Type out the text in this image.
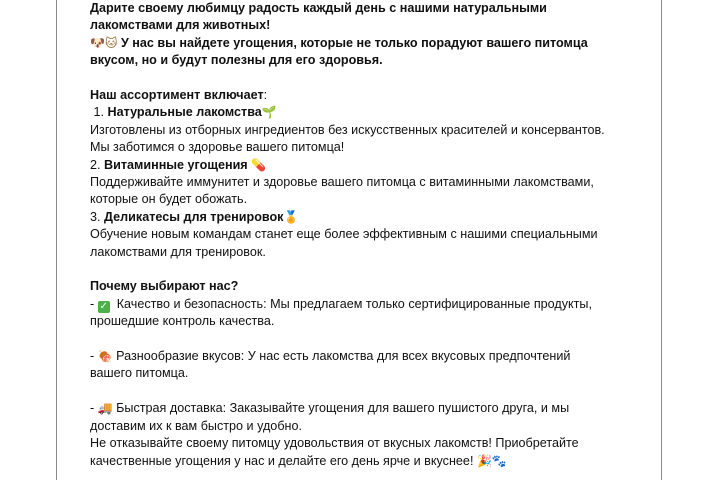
Дарите своему любимцу радость каждый день с нашими натуральными
лакомствами для животных!
🐶🐱 У нас вы найдете угощения, которые не только порадуют вашего питомца
вкусом, но и будут полезны для его здоровья.
Наш ассортимент включает:
1. Натуральные лакомства🌱
Изготовлены из отборных ингредиентов без искусственных красителей и консервантов.
Мы заботимся о здоровье вашего питомца!
2. Витаминные угощения 💊
Поддерживайте иммунитет и здоровье вашего питомца с витаминными лакомствами,
которые он будет обожать.
3. Деликатесы для тренировок🏅
Обучение новым командам станет еще более эффективным с нашими специальными
лакомствами для тренировок.
Почему выбирают нас?
- ✓ Качество и безопасность: Мы предлагаем только сертифицированные продукты,
прошедшие контроль качества.
- 🍖 Разнообразие вкусов: У нас есть лакомства для всех вкусовых предпочтений
вашего питомца.
- 🚚 Быстрая доставка: Заказывайте угощения для вашего пушистого друга, и мы
доставим их к вам быстро и удобно.
Не отказывайте своему питомцу удовольствия от вкусных лакомств! Приобретайте
качественные угощения у нас и делайте его день ярче и вкуснее! 🎉🐾
